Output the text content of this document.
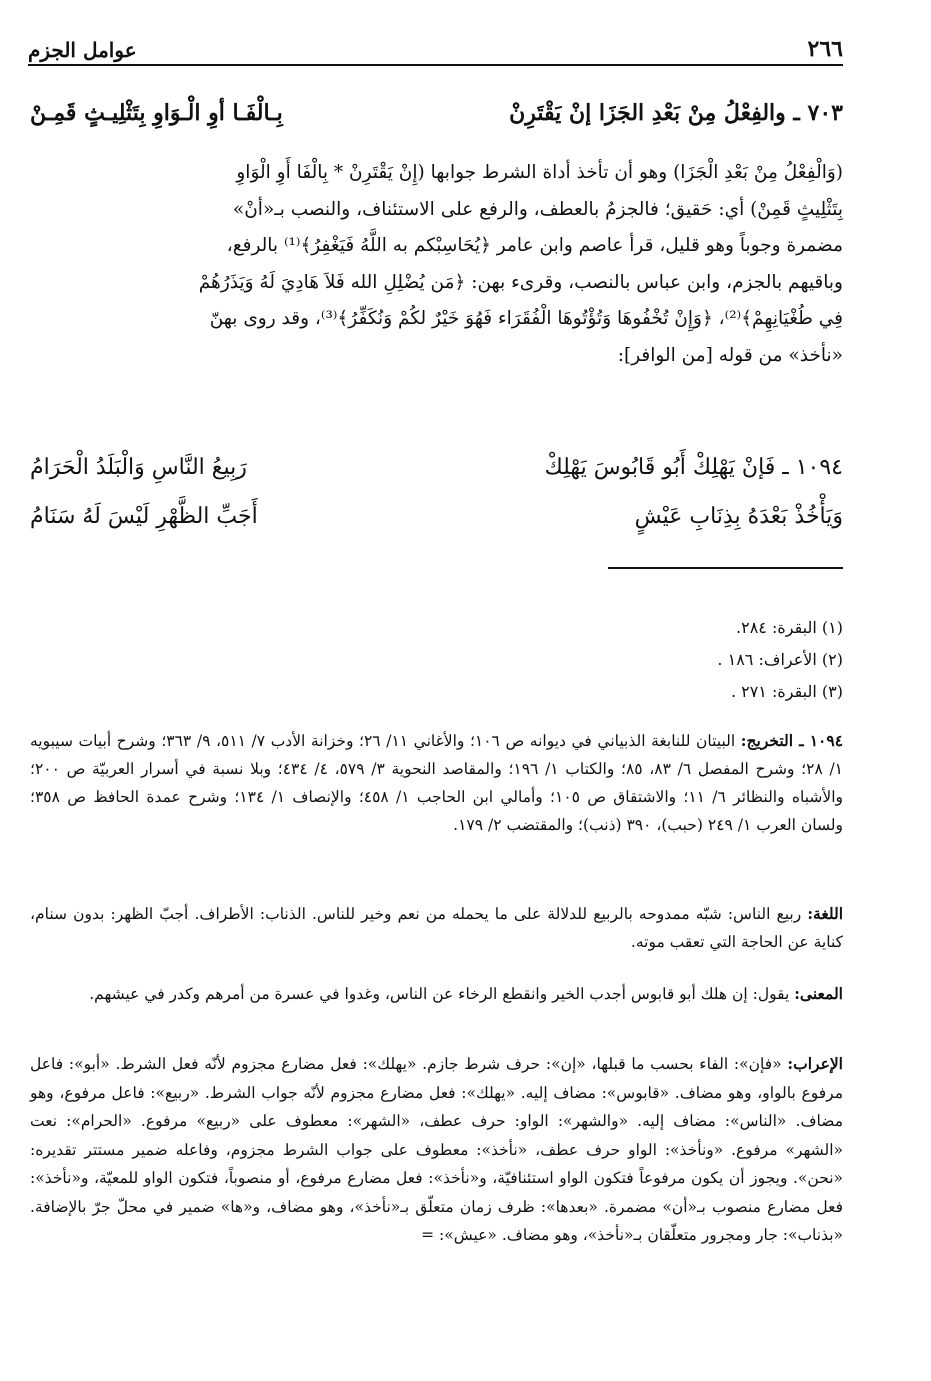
٢٦٦
عوامل الجزم
٧٠٣ ـ والفِعْلُ مِنْ بَعْدِ الجَزَا إنْ يَقْتَرِنْ
بِـالْفَـا أوِ الْـوَاوِ بِتَثْلِيـثٍ قَمِـنْ
(وَالْفِعْلُ مِنْ بَعْدِ الْجَزَا) وهو أن تأخذ أداة الشرط جوابها (إِنْ يَقْتَرِنْ * بِالْفَا أَوِ الْوَاوِ
بِتَثْلِيثٍ قَمِنْ) أي: حَقيق؛ فالجزمُ بالعطف، والرفع على الاستئناف، والنصب بـ«أنْ»
مضمرة وجوباً وهو قليل، قرأ عاصم وابن عامر ﴿يُحَاسِبْكم به اللَّهُ فَيَغْفِرُ﴾⁽¹⁾ بالرفع،
وباقيهم بالجزم، وابن عباس بالنصب، وقرىء بهن: ﴿مَن يُضْلِلِ الله فَلاَ هَادِيَ لَهُ وَيَذَرُهُمْ
فِي طُغْيَانِهِمْ﴾⁽²⁾، ﴿وَإِنْ تُخْفُوهَا وَتُؤْتُوهَا الْفُقَرَاء فَهُوَ خَيْرٌ لكُمْ وَنُكَفِّرُ﴾⁽³⁾، وقد روى بهنّ
«نأخذ» من قوله [من الوافر]:
١٠٩٤ ـ فَإنْ يَهْلِكْ أَبُو قَابُوسَ يَهْلِكْ
رَبِيعُ النَّاسِ وَالْبَلَدُ الْحَرَامُ
وَيَأْخُذْ بَعْدَهُ بِذِنَابِ عَيْشٍ
أَجَبِّ الظَّهْرِ لَيْسَ لَهُ سَنَامُ
(١) البقرة: ٢٨٤.
(٢) الأعراف: ١٨٦ .
(٣) البقرة: ٢٧١ .
١٠٩٤ ـ التخريج: البيتان للنابغة الذبياني في ديوانه ص ١٠٦؛ والأغاني ١١/ ٢٦؛ وخزانة الأدب ٧/ ٥١١، ٩/ ٣٦٣؛ وشرح أبيات سيبويه ١/ ٢٨؛ وشرح المفصل ٦/ ٨٣، ٨٥؛ والكتاب ١/ ١٩٦؛ والمقاصد النحوية ٣/ ٥٧٩، ٤/ ٤٣٤؛ وبلا نسبة في أسرار العربيّة ص ٢٠٠؛ والأشباه والنظائر ٦/ ١١؛ والاشتقاق ص ١٠٥؛ وأمالي ابن الحاجب ١/ ٤٥٨؛ والإنصاف ١/ ١٣٤؛ وشرح عمدة الحافظ ص ٣٥٨؛ ولسان العرب ١/ ٢٤٩ (حبب)، ٣٩٠ (ذنب)؛ والمقتضب ٢/ ١٧٩.
اللغة: ربيع الناس: شبّه ممدوحه بالربيع للدلالة على ما يحمله من نعم وخير للناس. الذناب: الأطراف. أجبّ الظهر: بدون سنام، كناية عن الحاجة التي تعقب موته.
المعنى: يقول: إن هلك أبو قابوس أجدب الخير وانقطع الرخاء عن الناس، وغدوا في عسرة من أمرهم وكدر في عيشهم.
الإعراب: «فإن»: الفاء بحسب ما قبلها، «إن»: حرف شرط جازم. «يهلك»: فعل مضارع مجزوم لأنّه فعل الشرط. «أبو»: فاعل مرفوع بالواو، وهو مضاف. «قابوس»: مضاف إليه. «يهلك»: فعل مضارع مجزوم لأنّه جواب الشرط. «ربيع»: فاعل مرفوع، وهو مضاف. «الناس»: مضاف إليه. «والشهر»: الواو: حرف عطف، «الشهر»: معطوف على «ربيع» مرفوع. «الحرام»: نعت «الشهر» مرفوع. «ونأخذ»: الواو حرف عطف، «نأخذ»: معطوف على جواب الشرط مجزوم، وفاعله ضمير مستتر تقديره: «نحن». ويجوز أن يكون مرفوعاً فتكون الواو استئنافيّة، و«نأخذ»: فعل مضارع مرفوع، أو منصوباً، فتكون الواو للمعيّة، و«نأخذ»: فعل مضارع منصوب بـ«أن» مضمرة. «بعدها»: ظرف زمان متعلّق بـ«نأخذ»، وهو مضاف، و«ها» ضمير في محلّ جرّ بالإضافة. «بذناب»: جار ومجرور متعلّقان بـ«نأخذ»، وهو مضاف. «عيش»: =
